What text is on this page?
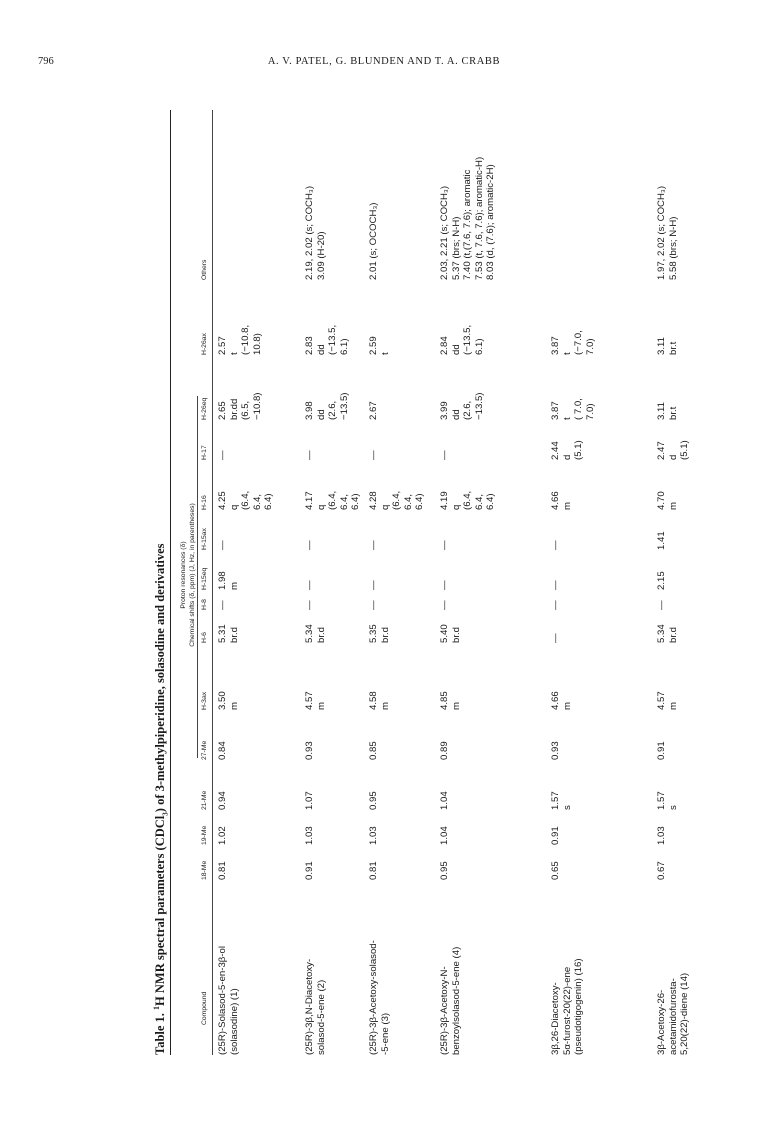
796	A. V. PATEL, G. BLUNDEN AND T. A. CRABB
Table 1. $^1$H NMR spectral parameters (CDCl$_3$) of 3-methylpiperidine, solasodine and derivatives	Proton resonances (δ) Chemical shifts (δ, ppm) (J, Hz, in parentheses)
Compound
18-Me
19-Me
21-Me
27-Me
H-3ax
H-6
H-8
H-15eq
H-15ax
H-16
H-17
H-26eq
H-26ax
Others
(25R)-Solasod-5-en-3β-ol
(solasodine) (1)
0.81
1.02
0.94
0.84
3.50
m
5.31
br.d
—
1.98
m
—
4.25
q
(6.4,
6.4,
6.4)
—
2.65
br.dd
(6.5,
−10.8)
2.57
t
(−10.8,
10.8)
(25R)-3β,N-Diacetoxy-
solasod-5-ene (2)
0.91
1.03
1.07
0.93
4.57
m
5.34
br.d
—
—
—
4.17
q
(6.4,
6.4,
6.4)
—
3.98
dd
(2.6,
−13.5)
2.83
dd
(−13.5,
6.1)
2.19, 2.02 (s; COCH₃)
3.09 (H-20)
(25R)-3β-Acetoxy-solasod-
-5-ene (3)
0.81
1.03
0.95
0.85
4.58
m
5.35
br.d
—
—
—
4.28
q
(6.4,
6.4,
6.4)
—
2.67
2.59
t
2.01 (s; OCOCH₃)
(25R)-3β-Acetoxy-N-
benzoylsolasod-5-ene (4)
0.95
1.04
1.04
0.89
4.85
m
5.40
br.d
—
—
—
4.19
q
(6.4,
6.4,
6.4)
—
3.99
dd
(2.6,
−13.5)
2.84
dd
(−13.5,
6.1)
2.03, 2.21 (s; COCH₃)
5.37 (brs; N-H)
7.40 (t,(7.6, 7.6); aromatic
7.53 (t, 7.6, 7.6); aromatic-H)
8.03 (d, (7.6); aromatic-2H)
3β,26-Diacetoxy-
5α-furost-20(22)-ene
(pseudotigogenin) (16)
0.65
0.91
1.57
s
0.93
4.66
m
—
—
—
—
4.66
m
2.44
d
(5.1)
3.87
t
( 7.0,
7.0)
3.87
t
(−7.0,
7.0)
3β-Acetoxy-26-
acetamidofurosta-
5,20(22)-diene (14)
0.67
1.03
1.57
s
0.91
4.57
m
5.34
br.d
—
2.15
1.41
4.70
m
2.47
d
(5.1)
3.11
br.t
3.11
br.t
1.97, 2.02 (s; COCH₃)
5.58 (brs; N-H)
